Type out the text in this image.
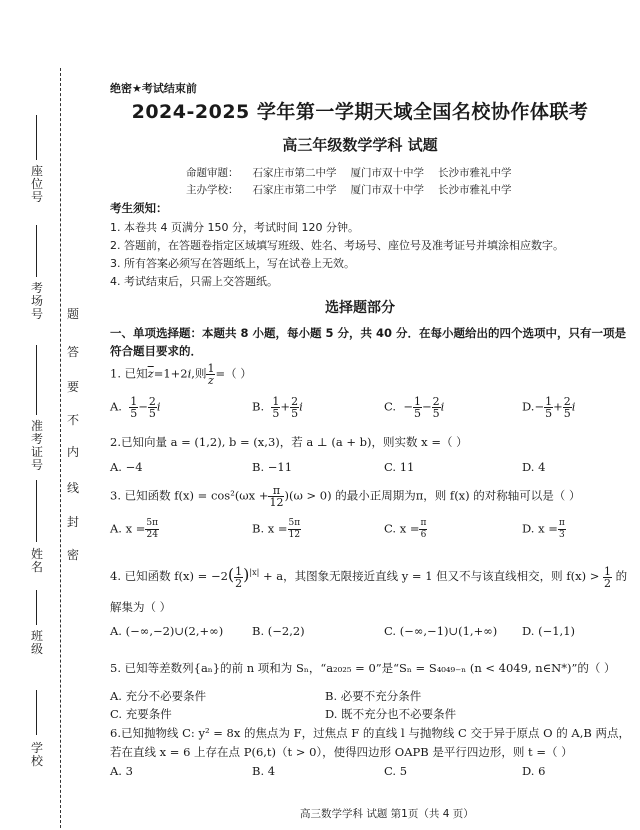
座位号
考场号
准考证号
姓名
班级
学校
题
答
要
不
内
线
封
密
绝密★考试结束前
2024-2025 学年第一学期天域全国名校协作体联考
高三年级数学学科 试题
命题审题： 石家庄市第二中学 厦门市双十中学 长沙市雅礼中学
主办学校： 石家庄市第二中学 厦门市双十中学 长沙市雅礼中学
考生须知：
1. 本卷共 4 页满分 150 分，考试时间 120 分钟。
2. 答题前，在答题卷指定区域填写班级、姓名、考场号、座位号及准考证号并填涂相应数字。
3. 所有答案必须写在答题纸上，写在试卷上无效。
4. 考试结束后，只需上交答题纸。
选择题部分
一、单项选择题：本题共 8 小题，每小题 5 分，共 40 分．在每小题给出的四个选项中，只有一项是
符合题目要求的．
1. 已知$\overline{z}=1+2i$,则 $\frac{1}{z}$ =（ ）
A. $\frac{1}{5} - \frac{2}{5}$ i	B. $\frac{1}{5} + \frac{2}{5}$ i	C.  − $\frac{1}{5} - \frac{2}{5}$ i	$D.- \frac{1}{5} + \frac{2}{5}$ i
2.已知向量 a = (1,2), b = (x,3)，若 a ⊥ (a + b)，则实数 x =（ ）
A. −4	B. −11	C. 11	D. 4
3. 已知函数 $f(x) = \cos^2(\omega x + \frac{\pi}{12} )(\omega > 0)$ 的最小正周期为π，则 f(x) 的对称轴可以是（ ）
A. $x = \frac{5\pi}{24}$	B. $x = \frac{5\pi}{12}$	C. $x = \frac{\pi}{6}$	D. $x = \frac{\pi}{3}$
4. 已知函数 $f(x) = -2( \frac{1}{2} )^{|x|} + a$，其图象无限接近直线 y = 1 但又不与该直线相交，则 $f(x) > \frac{1}{2}$ 的
解集为（ ）
A. (−∞,−2)∪(2,+∞)	B. (−2,2)	C. (−∞,−1)∪(1,+∞) D. (−1,1)
5. 已知等差数列{aₙ}的前 n 项和为 Sₙ，“a₂₀₂₅ = 0”是“Sₙ = S₄₀₄₉₋ₙ (n < 4049, n∈N*)”的（ ）
A. 充分不必要条件	B. 必要不充分条件
C. 充要条件	D. 既不充分也不必要条件
6.已知抛物线 C: y² = 8x 的焦点为 F，过焦点 F 的直线 l 与抛物线 C 交于异于原点 O 的 A,B 两点，
若在直线 x = 6 上存在点 P(6,t)（t > 0），使得四边形 OAPB 是平行四边形，则 t =（ ）
A. 3	B. 4	C. 5	D. 6
高三数学学科 试题 第1页（共 4 页）
